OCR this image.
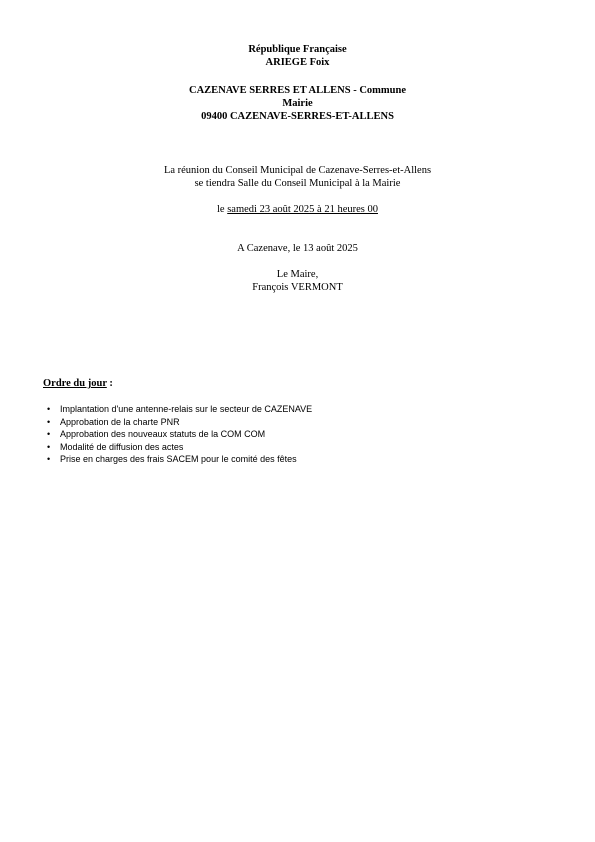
République Française
ARIEGE Foix
CAZENAVE SERRES ET ALLENS - Commune
Mairie
09400 CAZENAVE-SERRES-ET-ALLENS
La réunion du Conseil Municipal de Cazenave-Serres-et-Allens
se tiendra Salle du Conseil Municipal à la Mairie
le samedi 23 août 2025 à 21 heures 00
A Cazenave, le 13 août 2025
Le Maire,
François VERMONT
Ordre du jour :
• Implantation d'une antenne-relais sur le secteur de CAZENAVE
• Approbation de la charte PNR
• Approbation des nouveaux statuts de la COM COM
• Modalité de diffusion des actes
• Prise en charges des frais SACEM pour le comité des fêtes
